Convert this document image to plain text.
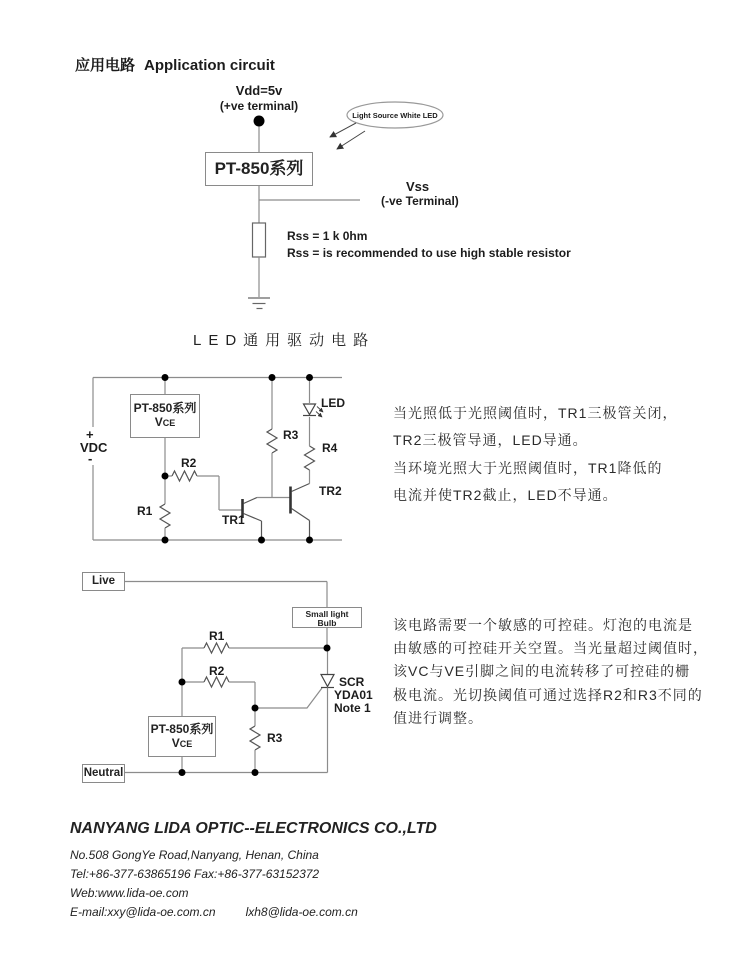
应用电路 Application circuit
Vdd=5v
(+ve terminal)
Light Source White LED
PT-850系列
Vss
(-ve Terminal)
Rss = 1 k 0hm
Rss = is recommended to use high stable resistor
LED通用驱动电路
+
VDC
-
PT-850系列
VCE
R2
R1
R3
R4
LED
TR1
TR2
当光照低于光照阈值时，TR1三极管关闭，
TR2三极管导通，LED导通。
当环境光照大于光照阈值时，TR1降低的
电流并使TR2截止，LED不导通。
Live
Small light
Bulb
R1
R2
R3
SCR
YDA01
Note 1
PT-850系列
VCE
Neutral
该电路需要一个敏感的可控硅。灯泡的电流是
由敏感的可控硅开关空置。当光量超过阈值时，
该VC与VE引脚之间的电流转移了可控硅的栅
极电流。光切换阈值可通过选择R2和R3不同的
值进行调整。
NANYANG LIDA OPTIC--ELECTRONICS CO.,LTD
No.508 GongYe Road,Nanyang, Henan, China
Tel:+86-377-63865196 Fax:+86-377-63152372
Web:www.lida-oe.com
E-mail:xxy@lida-oe.com.cn	lxh8@lida-oe.com.cn
